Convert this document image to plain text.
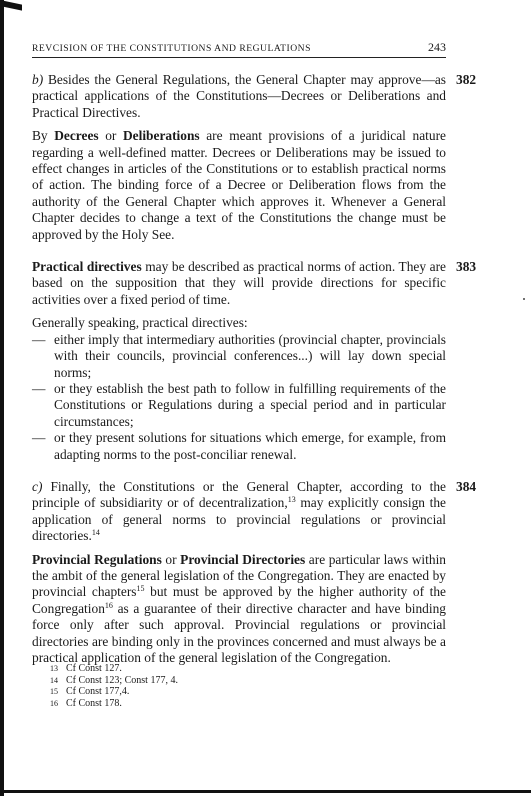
REVCISION OF THE CONSTITUTIONS AND REGULATIONS	243
382

b) Besides the General Regulations, the General Chapter may approve—as practical applications of the Constitutions—Decrees or Deliberations and Practical Directives.

By Decrees or Deliberations are meant provisions of a juridical nature regarding a well-defined matter. Decrees or Deliberations may be issued to effect changes in articles of the Constitutions or to establish practical norms of action. The binding force of a Decree or Deliberation flows from the authority of the General Chapter which approves it. Whenever a General Chapter decides to change a text of the Constitutions the change must be approved by the Holy See.

383

Practical directives may be described as practical norms of action. They are based on the supposition that they will provide directions for specific activities over a fixed period of time.

Generally speaking, practical directives:

— either imply that intermediary authorities (provincial chapter, provincials with their councils, provincial conferences...) will lay down special norms;
— or they establish the best path to follow in fulfilling requirements of the Constitutions or Regulations during a special period and in particular circumstances;
— or they present solutions for situations which emerge, for example, from adapting norms to the post-conciliar renewal.
384

c) Finally, the Constitutions or the General Chapter, according to the principle of subsidiarity or of decentralization,$^{13}$ may explicitly consign the application of general norms to provincial regulations or provincial directories.$^{14}$

Provincial Regulations or Provincial Directories are particular laws within the ambit of the general legislation of the Congregation. They are enacted by provincial chapters$^{15}$ but must be approved by the higher authority of the Congregation$^{16}$ as a guarantee of their directive character and have binding force only after such approval. Provincial regulations or provincial directories are binding only in the provinces concerned and must always be a practical application of the general legislation of the Congregation.

13 Cf Const 127.
14 Cf Const 123; Const 177, 4.
15 Cf Const 177,4.
16 Cf Const 178.
